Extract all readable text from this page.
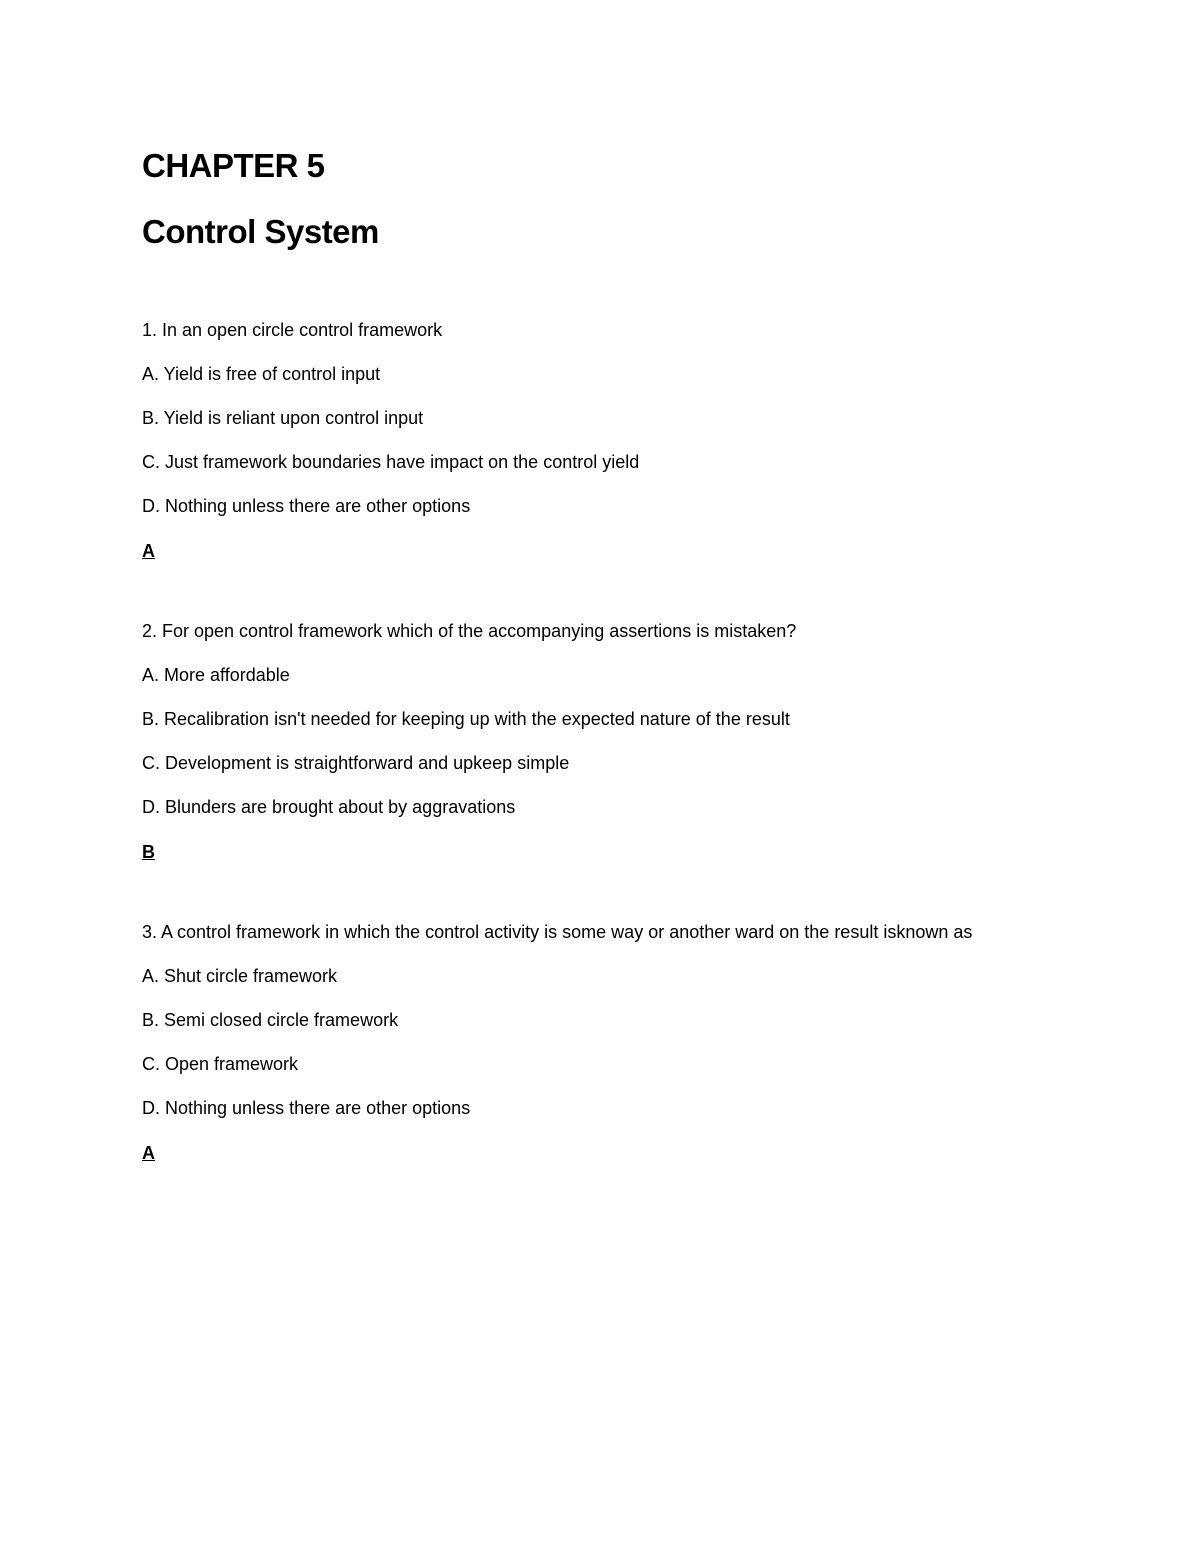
CHAPTER 5
Control System

1. In an open circle control framework

A. Yield is free of control input

B. Yield is reliant upon control input

C. Just framework boundaries have impact on the control yield

D. Nothing unless there are other options

A

2. For open control framework which of the accompanying assertions is mistaken?

A. More affordable

B. Recalibration isn't needed for keeping up with the expected nature of the result

C. Development is straightforward and upkeep simple

D. Blunders are brought about by aggravations

B

3. A control framework in which the control activity is some way or another ward on the result isknown as

A. Shut circle framework

B. Semi closed circle framework

C. Open framework

D. Nothing unless there are other options

A
